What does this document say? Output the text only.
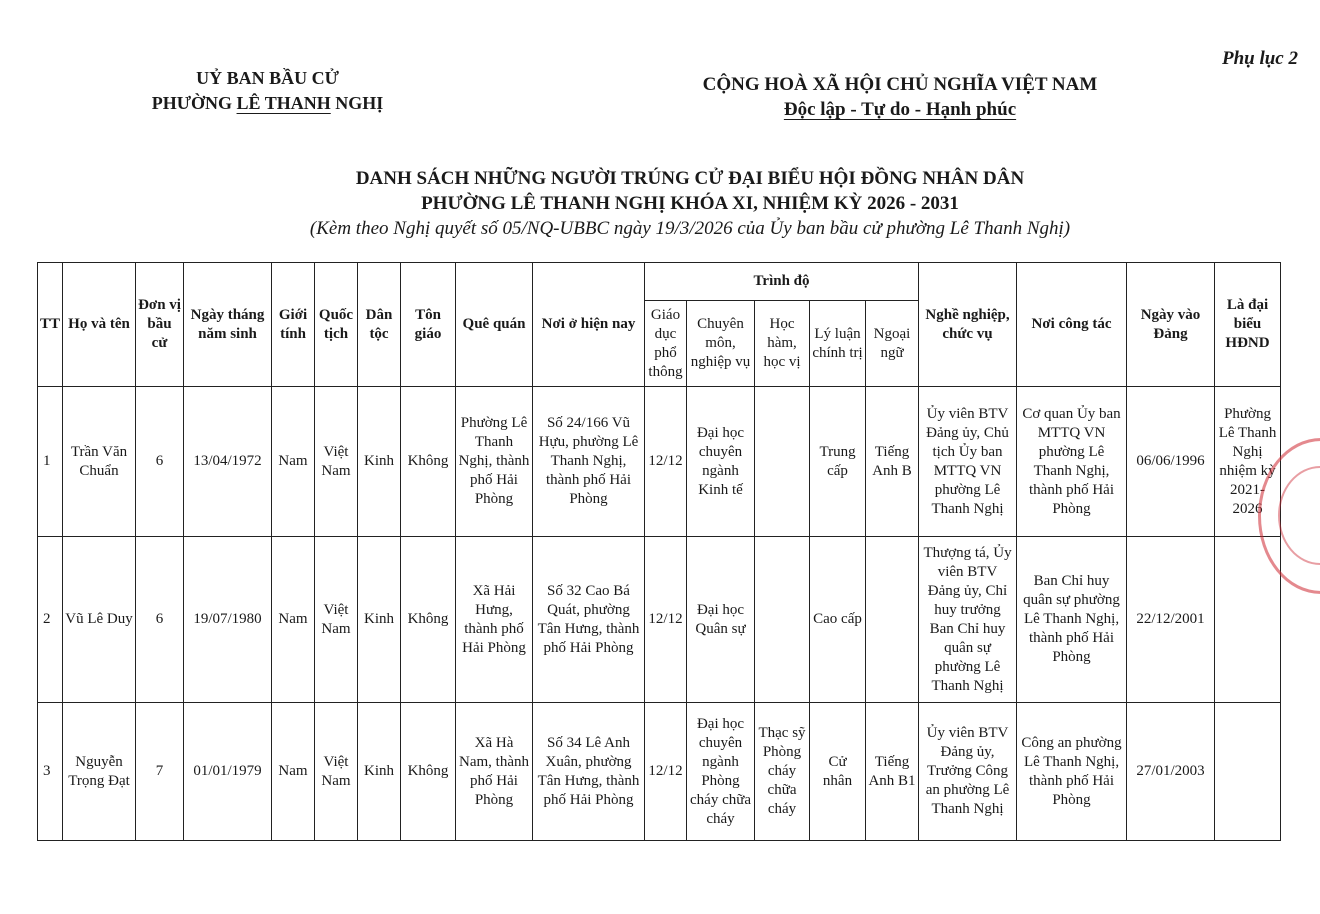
Phụ lục 2
UỶ BAN BẦU CỬ
PHƯỜNG LÊ THANH NGHỊ
CỘNG HOÀ XÃ HỘI CHỦ NGHĨA VIỆT NAM
Độc lập - Tự do - Hạnh phúc
DANH SÁCH NHỮNG NGƯỜI TRÚNG CỬ ĐẠI BIỂU HỘI ĐỒNG NHÂN DÂN
PHƯỜNG LÊ THANH NGHỊ KHÓA XI, NHIỆM KỲ 2026 - 2031
(Kèm theo Nghị quyết số 05/NQ-UBBC ngày 19/3/2026 của Ủy ban bầu cử phường Lê Thanh Nghị)
TT	Họ và tên	Đơn vị bầu cử	Ngày tháng năm sinh	Giới tính	Quốc tịch	Dân tộc	Tôn giáo	Quê quán	Nơi ở hiện nay	Trình độ					Nghề nghiệp, chức vụ	Nơi công tác	Ngày vào Đảng	Là đại biểu HĐND
										Giáo dục phổ thông	Chuyên môn, nghiệp vụ	Học hàm, học vị	Lý luận chính trị	Ngoại ngữ				
1	Trần Văn Chuẩn	6	13/04/1972	Nam	Việt Nam	Kinh	Không	Phường Lê Thanh Nghị, thành phố Hải Phòng	Số 24/166 Vũ Hựu, phường Lê Thanh Nghị, thành phố Hải Phòng	12/12	Đại học chuyên ngành Kinh tế		Trung cấp	Tiếng Anh B	Ủy viên BTV Đảng ủy, Chủ tịch Ủy ban MTTQ VN phường Lê Thanh Nghị	Cơ quan Ủy ban MTTQ VN phường Lê Thanh Nghị, thành phố Hải Phòng	06/06/1996	Phường Lê Thanh Nghị nhiệm kỳ 2021-2026
2	Vũ Lê Duy	6	19/07/1980	Nam	Việt Nam	Kinh	Không	Xã Hải Hưng, thành phố Hải Phòng	Số 32 Cao Bá Quát, phường Tân Hưng, thành phố Hải Phòng	12/12	Đại học Quân sự		Cao cấp		Thượng tá, Ủy viên BTV Đảng ủy, Chỉ huy trưởng Ban Chỉ huy quân sự phường Lê Thanh Nghị	Ban Chỉ huy quân sự phường Lê Thanh Nghị, thành phố Hải Phòng	22/12/2001	
3	Nguyễn Trọng Đạt	7	01/01/1979	Nam	Việt Nam	Kinh	Không	Xã Hà Nam, thành phố Hải Phòng	Số 34 Lê Anh Xuân, phường Tân Hưng, thành phố Hải Phòng	12/12	Đại học chuyên ngành Phòng cháy chữa cháy	Thạc sỹ Phòng cháy chữa cháy	Cử nhân	Tiếng Anh B1	Ủy viên BTV Đảng ủy, Trưởng Công an phường Lê Thanh Nghị	Công an phường Lê Thanh Nghị, thành phố Hải Phòng	27/01/2003	
